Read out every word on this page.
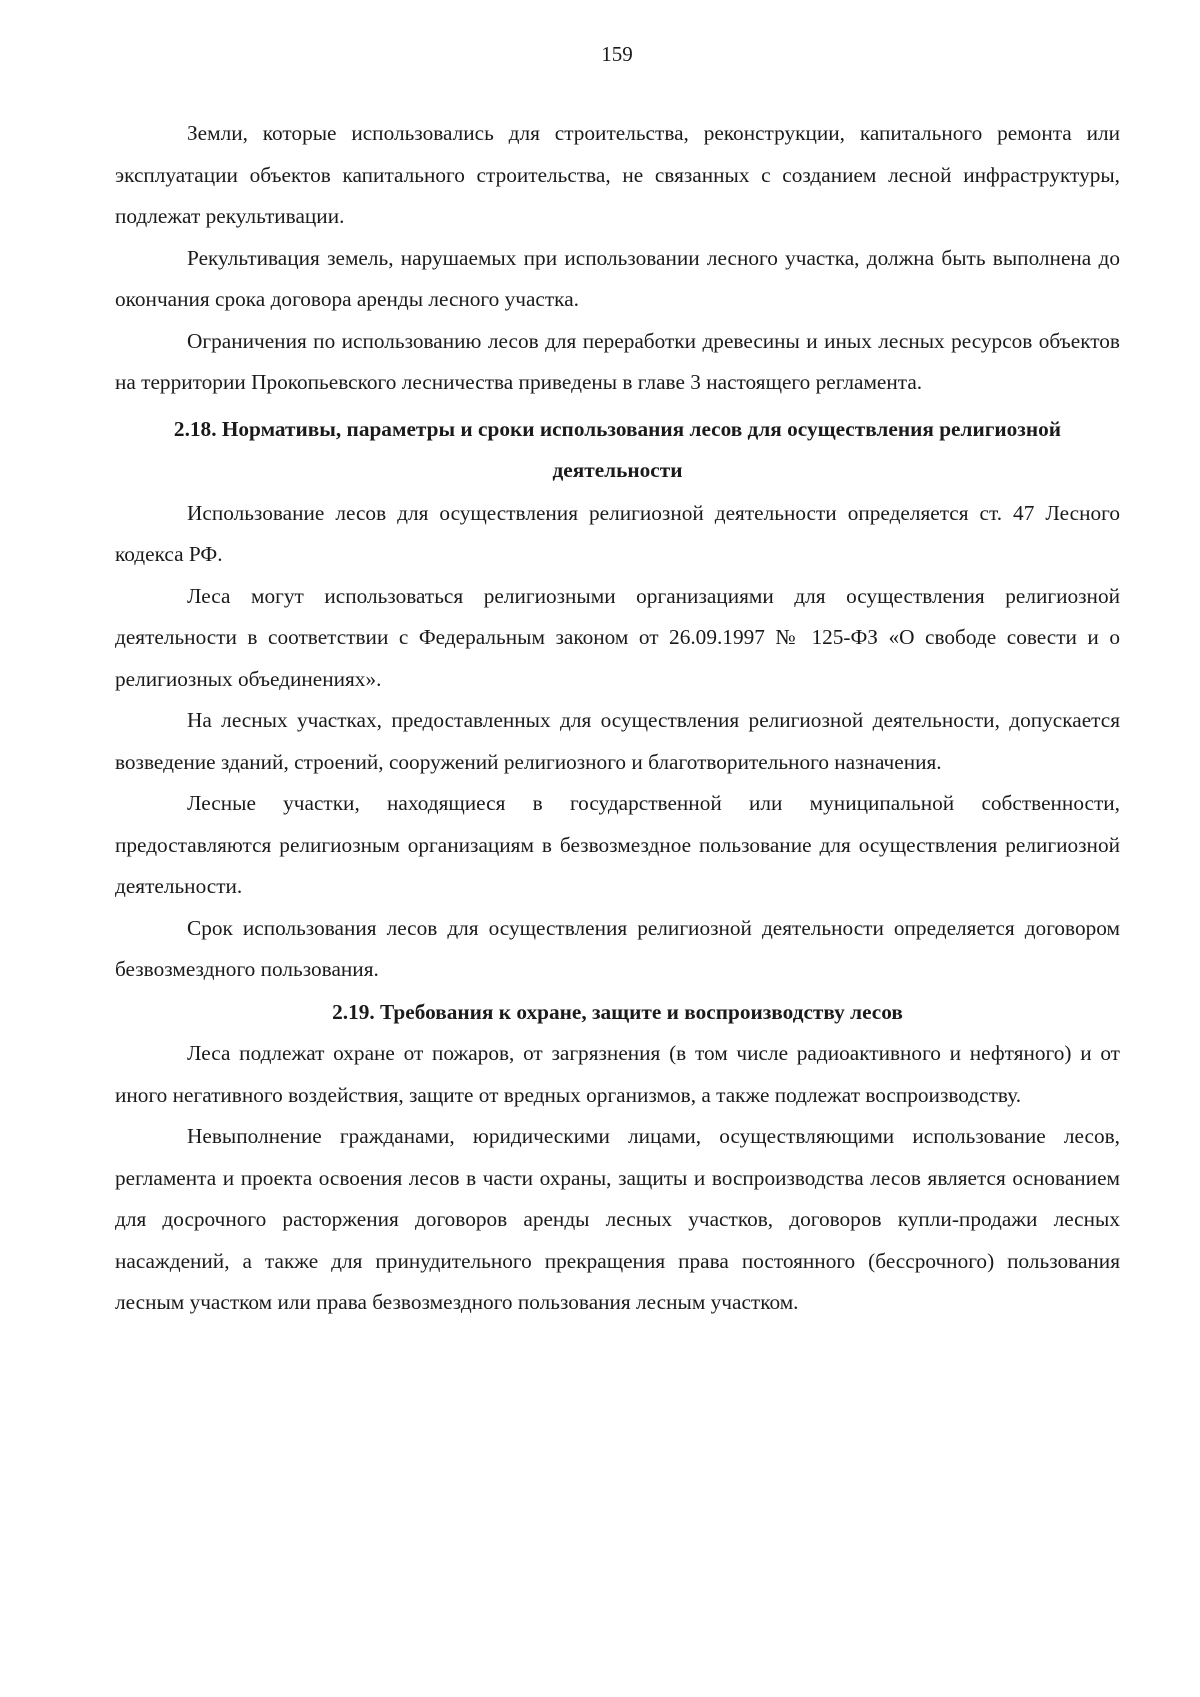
159

Земли, которые использовались для строительства, реконструкции, капитального ремонта или эксплуатации объектов капитального строительства, не связанных с созданием лесной инфраструктуры, подлежат рекультивации.

Рекультивация земель, нарушаемых при использовании лесного участка, должна быть выполнена до окончания срока договора аренды лесного участка.

Ограничения по использованию лесов для переработки древесины и иных лесных ресурсов объектов на территории Прокопьевского лесничества приведены в главе 3 настоящего регламента.

2.18. Нормативы, параметры и сроки использования лесов для осуществления религиозной деятельности

Использование лесов для осуществления религиозной деятельности определяется ст. 47 Лесного кодекса РФ.

Леса могут использоваться религиозными организациями для осуществления религиозной деятельности в соответствии с Федеральным законом от 26.09.1997 № 125-ФЗ «О свободе совести и о религиозных объединениях».

На лесных участках, предоставленных для осуществления религиозной деятельности, допускается возведение зданий, строений, сооружений религиозного и благотворительного назначения.

Лесные участки, находящиеся в государственной или муниципальной собственности, предоставляются религиозным организациям в безвозмездное пользование для осуществления религиозной деятельности.

Срок использования лесов для осуществления религиозной деятельности определяется договором безвозмездного пользования.

2.19. Требования к охране, защите и воспроизводству лесов

Леса подлежат охране от пожаров, от загрязнения (в том числе радиоактивного и нефтяного) и от иного негативного воздействия, защите от вредных организмов, а также подлежат воспроизводству.

Невыполнение гражданами, юридическими лицами, осуществляющими использование лесов, регламента и проекта освоения лесов в части охраны, защиты и воспроизводства лесов является основанием для досрочного расторжения договоров аренды лесных участков, договоров купли-продажи лесных насаждений, а также для принудительного прекращения права постоянного (бессрочного) пользования лесным участком или права безвозмездного пользования лесным участком.
